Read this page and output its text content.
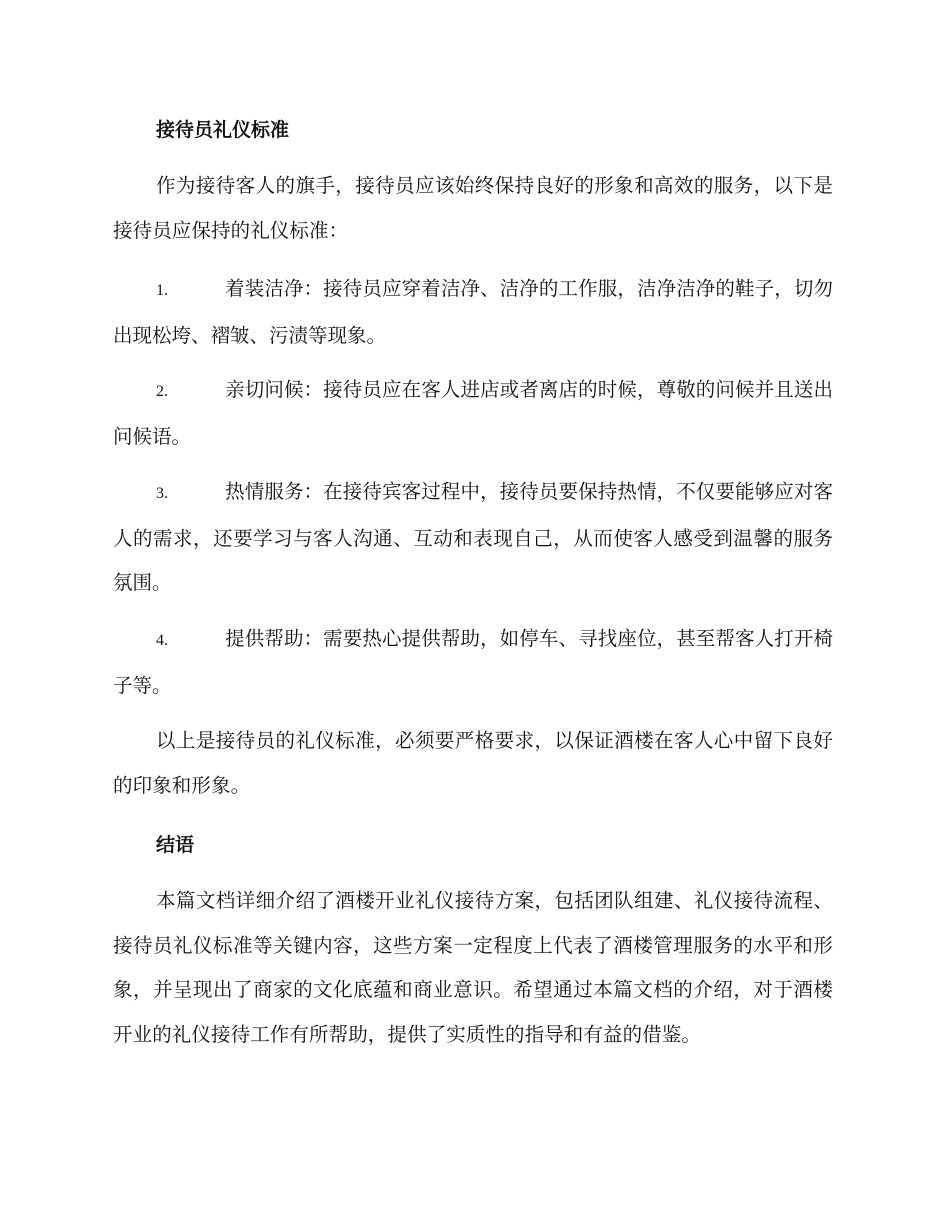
接待员礼仪标准
作为接待客人的旗手，接待员应该始终保持良好的形象和高效的服务，以下是接待员应保持的礼仪标准：
1.	着装洁净：接待员应穿着洁净、洁净的工作服，洁净洁净的鞋子，切勿出现松垮、褶皱、污渍等现象。
2.	亲切问候：接待员应在客人进店或者离店的时候，尊敬的问候并且送出问候语。
3.	热情服务：在接待宾客过程中，接待员要保持热情，不仅要能够应对客人的需求，还要学习与客人沟通、互动和表现自己，从而使客人感受到温馨的服务氛围。
4.	提供帮助：需要热心提供帮助，如停车、寻找座位，甚至帮客人打开椅子等。
以上是接待员的礼仪标准，必须要严格要求，以保证酒楼在客人心中留下良好的印象和形象。
结语
本篇文档详细介绍了酒楼开业礼仪接待方案，包括团队组建、礼仪接待流程、接待员礼仪标准等关键内容，这些方案一定程度上代表了酒楼管理服务的水平和形象，并呈现出了商家的文化底蕴和商业意识。希望通过本篇文档的介绍，对于酒楼开业的礼仪接待工作有所帮助，提供了实质性的指导和有益的借鉴。
